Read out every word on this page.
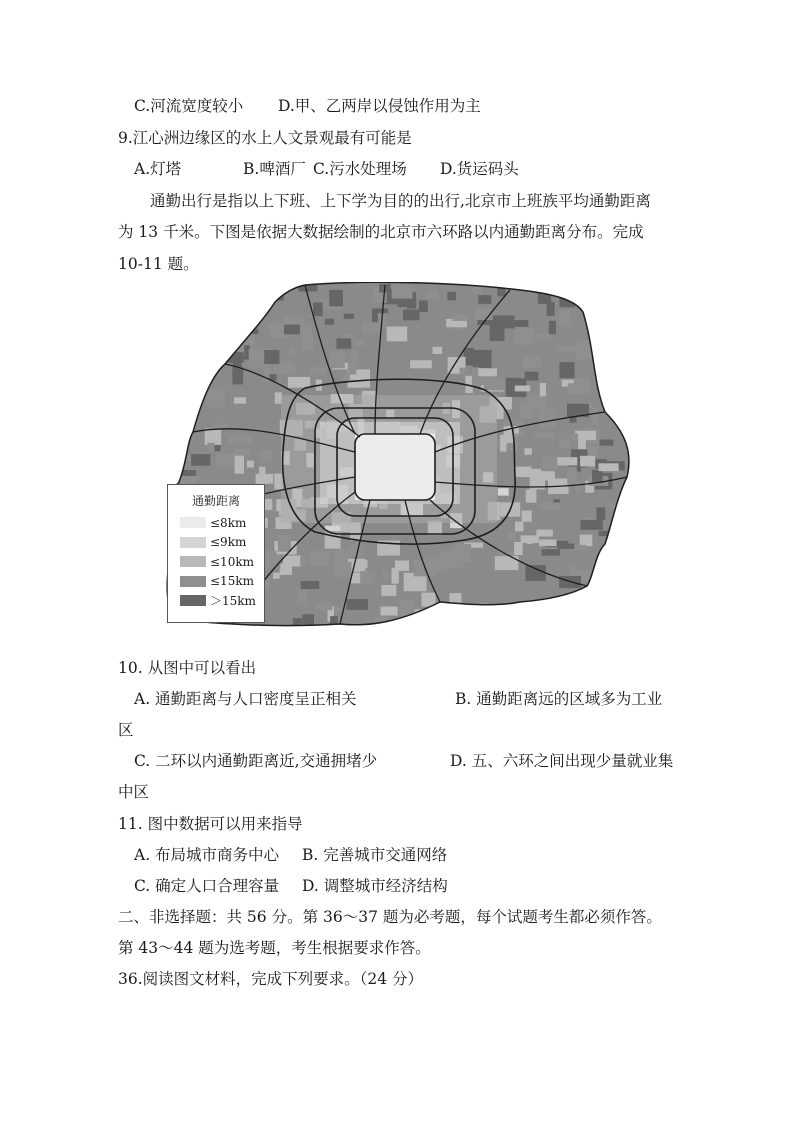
C.河流宽度较小 D.甲、乙两岸以侵蚀作用为主
9.江心洲边缘区的水上人文景观最有可能是
A.灯塔	B.啤酒厂 C.污水处理场 D.货运码头
通勤出行是指以上下班、上下学为目的的出行,北京市上班族平均通勤距离
为 13 千米。下图是依据大数据绘制的北京市六环路以内通勤距离分布。完成
10-11 题。
通勤距离
≤8km
≤9km
≤10km
≤15km
＞15km
10. 从图中可以看出
A. 通勤距离与人口密度呈正相关	B. 通勤距离远的区域多为工业
区
C. 二环以内通勤距离近,交通拥堵少	D. 五、六环之间出现少量就业集
中区
11. 图中数据可以用来指导
A. 布局城市商务中心 B. 完善城市交通网络
C. 确定人口合理容量 D. 调整城市经济结构
二、非选择题：共 56 分。第 36～37 题为必考题，每个试题考生都必须作答。
第 43～44 题为选考题，考生根据要求作答。
36.阅读图文材料，完成下列要求。（24 分）
